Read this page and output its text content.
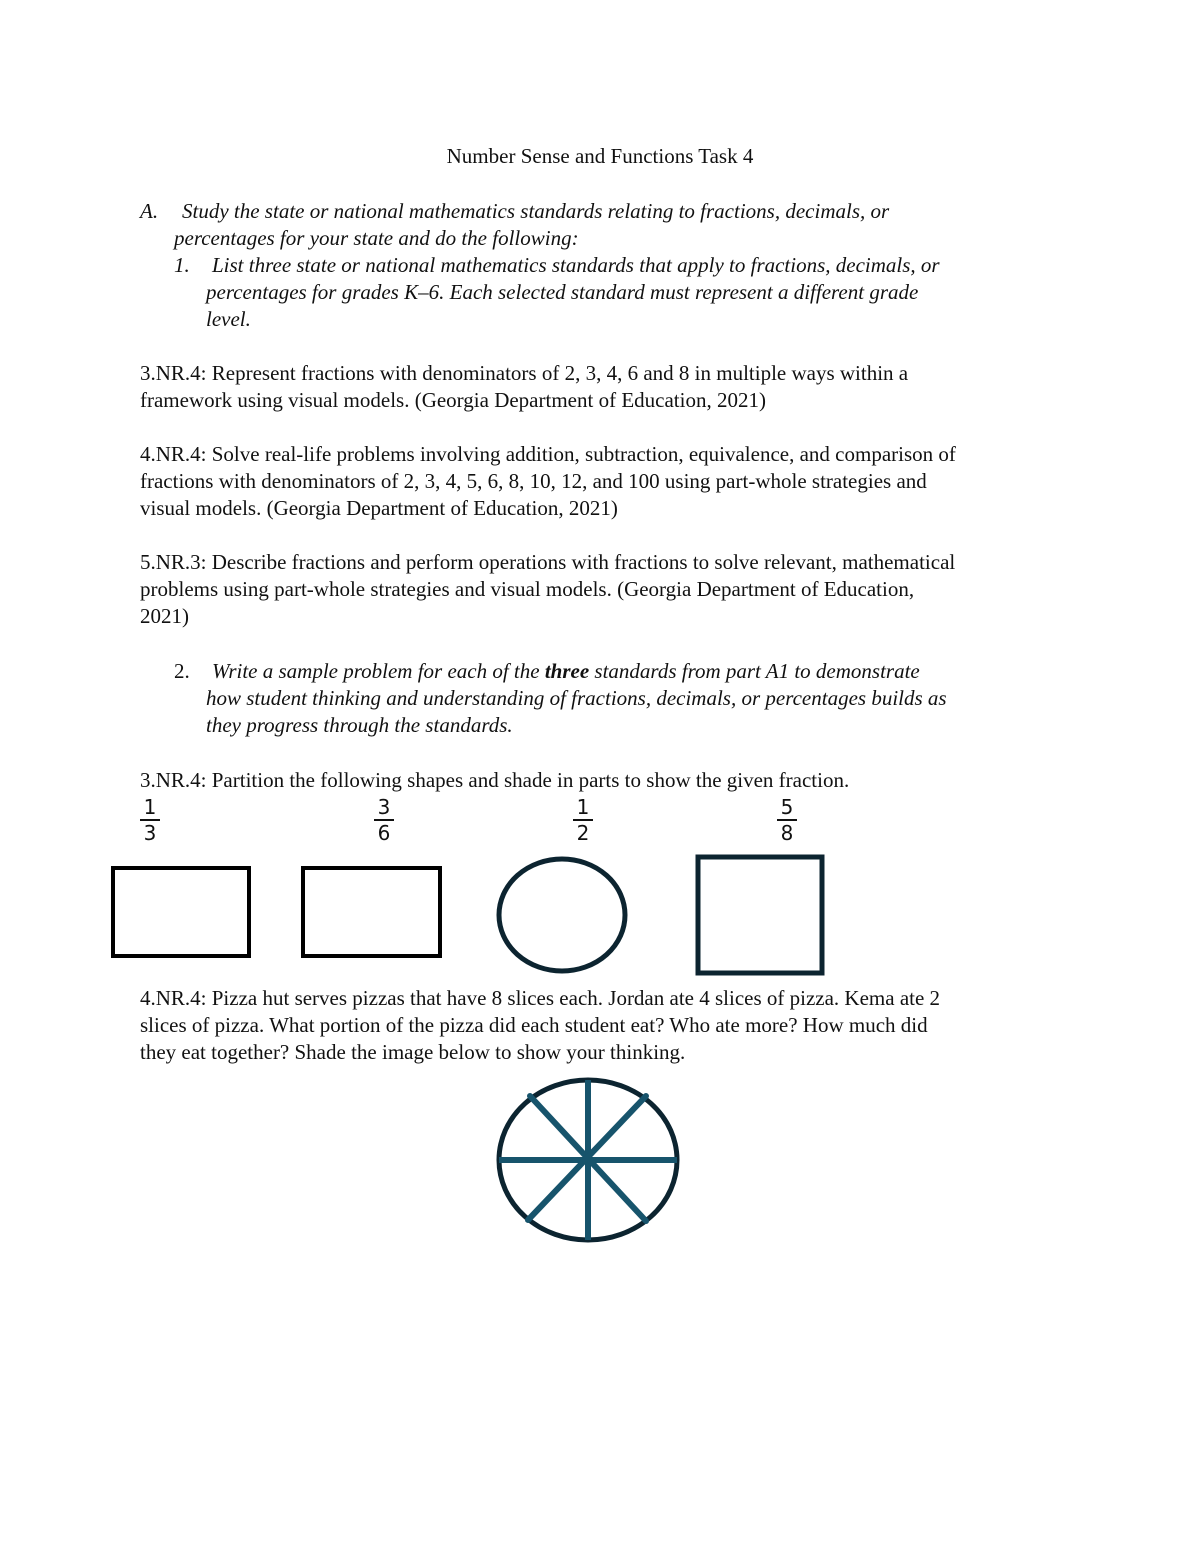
Number Sense and Functions Task 4
A. Study the state or national mathematics standards relating to fractions, decimals, or
percentages for your state and do the following:
1. List three state or national mathematics standards that apply to fractions, decimals, or
percentages for grades K–6. Each selected standard must represent a different grade
level.
3.NR.4: Represent fractions with denominators of 2, 3, 4, 6 and 8 in multiple ways within a
framework using visual models. (Georgia Department of Education, 2021)
4.NR.4: Solve real-life problems involving addition, subtraction, equivalence, and comparison of
fractions with denominators of 2, 3, 4, 5, 6, 8, 10, 12, and 100 using part-whole strategies and
visual models. (Georgia Department of Education, 2021)
5.NR.3: Describe fractions and perform operations with fractions to solve relevant, mathematical
problems using part-whole strategies and visual models. (Georgia Department of Education,
2021)
2. Write a sample problem for each of the three standards from part A1 to demonstrate
how student thinking and understanding of fractions, decimals, or percentages builds as
they progress through the standards.
3.NR.4: Partition the following shapes and shade in parts to show the given fraction.
1
3
3
6
1
2
5
8
4.NR.4: Pizza hut serves pizzas that have 8 slices each. Jordan ate 4 slices of pizza. Kema ate 2
slices of pizza. What portion of the pizza did each student eat? Who ate more? How much did
they eat together? Shade the image below to show your thinking.
